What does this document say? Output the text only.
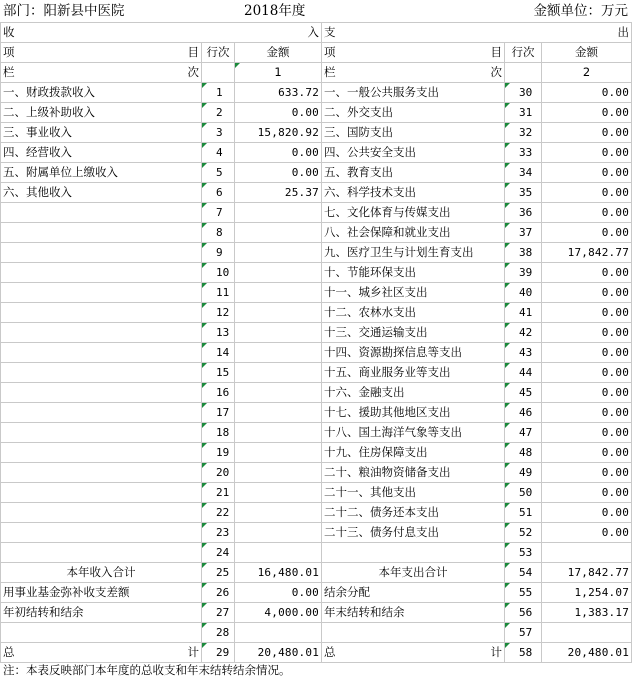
部门：阳新县中医院	2018年度	金额单位：万元
收 入			支 出		

项 目	行次	金额	项 目	行次	金额

栏 次		1	栏 次		2
一、财政拨款收入	1	633.72	一、一般公共服务支出	30	0.00
二、上级补助收入	2	0.00	二、外交支出	31	0.00
三、事业收入	3	15,820.92	三、国防支出	32	0.00
四、经营收入	4	0.00	四、公共安全支出	33	0.00
五、附属单位上缴收入	5	0.00	五、教育支出	34	0.00
六、其他收入	6	25.37	六、科学技术支出	35	0.00
	7		七、文化体育与传媒支出	36	0.00
	8		八、社会保障和就业支出	37	0.00
	9		九、医疗卫生与计划生育支出	38	17,842.77
	10		十、节能环保支出	39	0.00
	11		十一、城乡社区支出	40	0.00
	12		十二、农林水支出	41	0.00
	13		十三、交通运输支出	42	0.00
	14		十四、资源勘探信息等支出	43	0.00
	15		十五、商业服务业等支出	44	0.00
	16		十六、金融支出	45	0.00
	17		十七、援助其他地区支出	46	0.00
	18		十八、国土海洋气象等支出	47	0.00
	19		十九、住房保障支出	48	0.00
	20		二十、粮油物资储备支出	49	0.00
	21		二十一、其他支出	50	0.00
	22		二十二、债务还本支出	51	0.00
	23		二十三、债务付息支出	52	0.00
	24			53	
本年收入合计	25	16,480.01	本年支出合计	54	17,842.77
用事业基金弥补收支差额	26	0.00	结余分配	55	1,254.07
年初结转和结余	27	4,000.00	年末结转和结余	56	1,383.17
	28			57	

总 计	29	20,480.01	总 计	58	20,480.01
注：本表反映部门本年度的总收支和年末结转结余情况。
